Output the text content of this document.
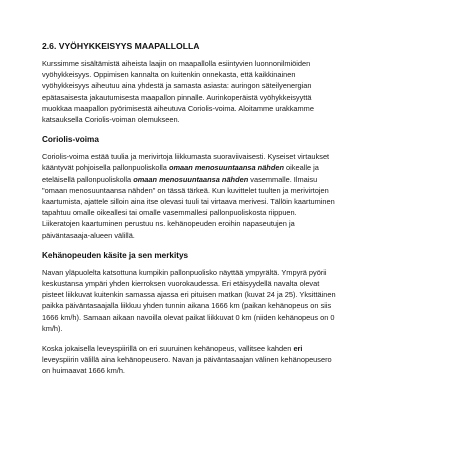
2.6. VYÖHYKKEISYYS MAAPALLOLLA

Kurssimme sisältämistä aiheista laajin on maapallolla esiintyvien luonnonilmiöiden
vyöhykkeisyys. Oppimisen kannalta on kuitenkin onnekasta, että kaikkinainen
vyöhykkeisyys aiheutuu aina yhdestä ja samasta asiasta: auringon säteilyenergian
epätasaisesta jakautumisesta maapallon pinnalle. Aurinkoperäistä vyöhykkeisyyttä
muokkaa maapallon pyörimisestä aiheutuva Coriolis-voima. Aloitamme urakkamme
katsauksella Coriolis-voiman olemukseen.

Coriolis-voima

Coriolis-voima estää tuulia ja merivirtoja liikkumasta suoraviivaisesti. Kyseiset virtaukset
kääntyvät pohjoisella pallonpuoliskolla omaan menosuuntaansa nähden oikealle ja
eteläisellä pallonpuoliskolla omaan menosuuntaansa nähden vasemmalle. Ilmaisu
"omaan menosuuntaansa nähden" on tässä tärkeä. Kun kuvittelet tuulten ja merivirtojen
kaartumista, ajattele silloin aina itse olevasi tuuli tai virtaava merivesi. Tällöin kaartuminen
tapahtuu omalle oikeallesi tai omalle vasemmallesi pallonpuoliskosta riippuen.
Liikeratojen kaartuminen perustuu ns. kehänopeuden eroihin napaseutujen ja
päiväntasaaja-alueen välillä.

Kehänopeuden käsite ja sen merkitys

Navan yläpuolelta katsottuna kumpikin pallonpuolisko näyttää ympyrältä. Ympyrä pyörii
keskustansa ympäri yhden kierroksen vuorokaudessa. Eri etäisyydellä navalta olevat
pisteet liikkuvat kuitenkin samassa ajassa eri pituisen matkan (kuvat 24 ja 25). Yksittäinen
paikka päiväntasaajalla liikkuu yhden tunnin aikana 1666 km (paikan kehänopeus on siis
1666 km/h). Samaan aikaan navoilla olevat paikat liikkuvat 0 km (niiden kehänopeus on 0
km/h).

Koska jokaisella leveyspiirillä on eri suuruinen kehänopeus, vallitsee kahden eri
leveyspiirin välillä aina kehänopeusero. Navan ja päiväntasaajan välinen kehänopeusero
on huimaavat 1666 km/h.
